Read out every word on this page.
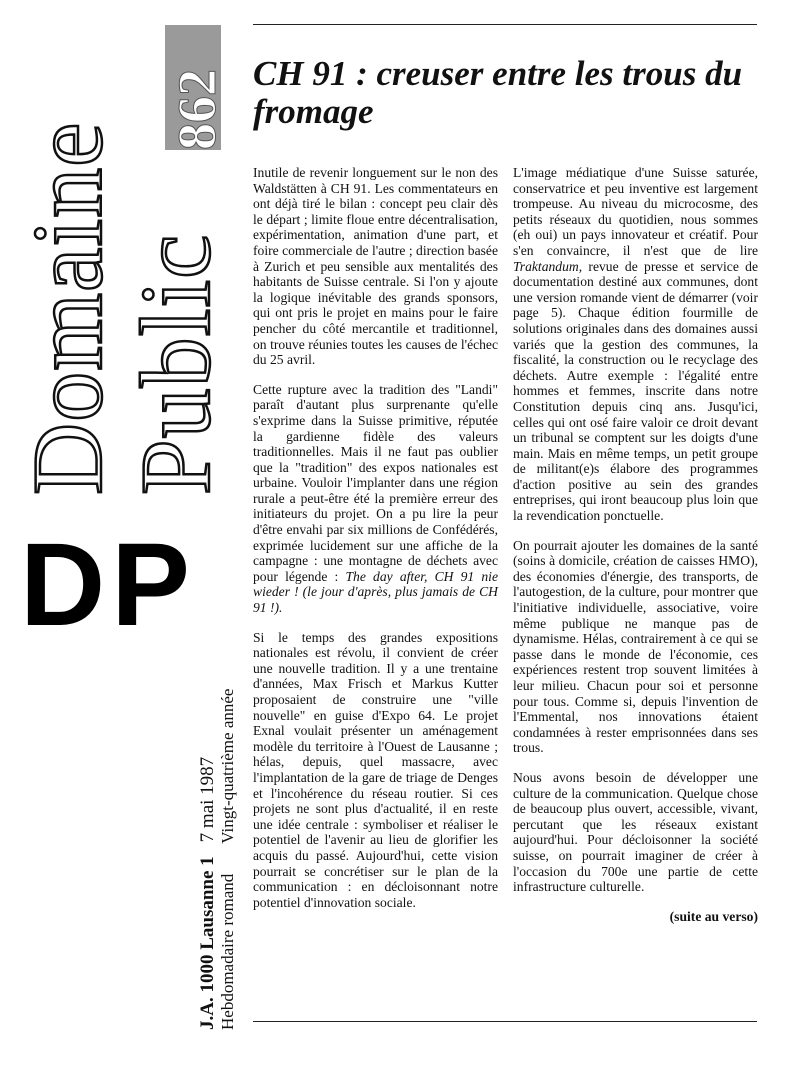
Domaine
Public
862
DP
J.A. 1000 Lausanne 17 mai 1987
Hebdomadaire romandVingt-quatrième année
CH 91 : creuser entre les trous du fromage

Inutile de revenir longuement sur le non des Waldstätten à CH 91. Les commentateurs en ont déjà tiré le bilan : concept peu clair dès le départ ; limite floue entre décentralisation, expérimentation, animation d'une part, et foire commerciale de l'autre ; direction basée à Zurich et peu sensible aux mentalités des habitants de Suisse centrale. Si l'on y ajoute la logique inévitable des grands sponsors, qui ont pris le projet en mains pour le faire pencher du côté mercantile et traditionnel, on trouve réunies toutes les causes de l'échec du 25 avril.

Cette rupture avec la tradition des "Landi" paraît d'autant plus surprenante qu'elle s'exprime dans la Suisse primitive, réputée la gardienne fidèle des valeurs traditionnelles. Mais il ne faut pas oublier que la "tradition" des expos nationales est urbaine. Vouloir l'implanter dans une région rurale a peut-être été la première erreur des initiateurs du projet. On a pu lire la peur d'être envahi par six millions de Confédérés, exprimée lucidement sur une affiche de la campagne : une montagne de déchets avec pour légende : The day after, CH 91 nie wieder ! (le jour d'après, plus jamais de CH 91 !).

Si le temps des grandes expositions nationales est révolu, il convient de créer une nouvelle tradition. Il y a une trentaine d'années, Max Frisch et Markus Kutter proposaient de construire une "ville nouvelle" en guise d'Expo 64. Le projet Exnal voulait présenter un aménagement modèle du territoire à l'Ouest de Lausanne ; hélas, depuis, quel massacre, avec l'implantation de la gare de triage de Denges et l'incohérence du réseau routier. Si ces projets ne sont plus d'actualité, il en reste une idée centrale : symboliser et réaliser le potentiel de l'avenir au lieu de glorifier les acquis du passé. Aujourd'hui, cette vision pourrait se concrétiser sur le plan de la communication : en décloisonnant notre potentiel d'innovation sociale.

L'image médiatique d'une Suisse saturée, conservatrice et peu inventive est largement trompeuse. Au niveau du microcosme, des petits réseaux du quotidien, nous sommes (eh oui) un pays innovateur et créatif. Pour s'en convaincre, il n'est que de lire Traktandum, revue de presse et service de documentation destiné aux communes, dont une version romande vient de démarrer (voir page 5). Chaque édition fourmille de solutions originales dans des domaines aussi variés que la gestion des communes, la fiscalité, la construction ou le recyclage des déchets. Autre exemple : l'égalité entre hommes et femmes, inscrite dans notre Constitution depuis cinq ans. Jusqu'ici, celles qui ont osé faire valoir ce droit devant un tribunal se comptent sur les doigts d'une main. Mais en même temps, un petit groupe de militant(e)s élabore des programmes d'action positive au sein des grandes entreprises, qui iront beaucoup plus loin que la revendication ponctuelle.

On pourrait ajouter les domaines de la santé (soins à domicile, création de caisses HMO), des économies d'énergie, des transports, de l'autogestion, de la culture, pour montrer que l'initiative individuelle, associative, voire même publique ne manque pas de dynamisme. Hélas, contrairement à ce qui se passe dans le monde de l'économie, ces expériences restent trop souvent limitées à leur milieu. Chacun pour soi et personne pour tous. Comme si, depuis l'invention de l'Emmental, nos innovations étaient condamnées à rester emprisonnées dans ses trous.

Nous avons besoin de développer une culture de la communication. Quelque chose de beaucoup plus ouvert, accessible, vivant, percutant que les réseaux existant aujourd'hui. Pour décloisonner la société suisse, on pourrait imaginer de créer à l'occasion du 700e une partie de cette infrastructure culturelle.

(suite au verso)
